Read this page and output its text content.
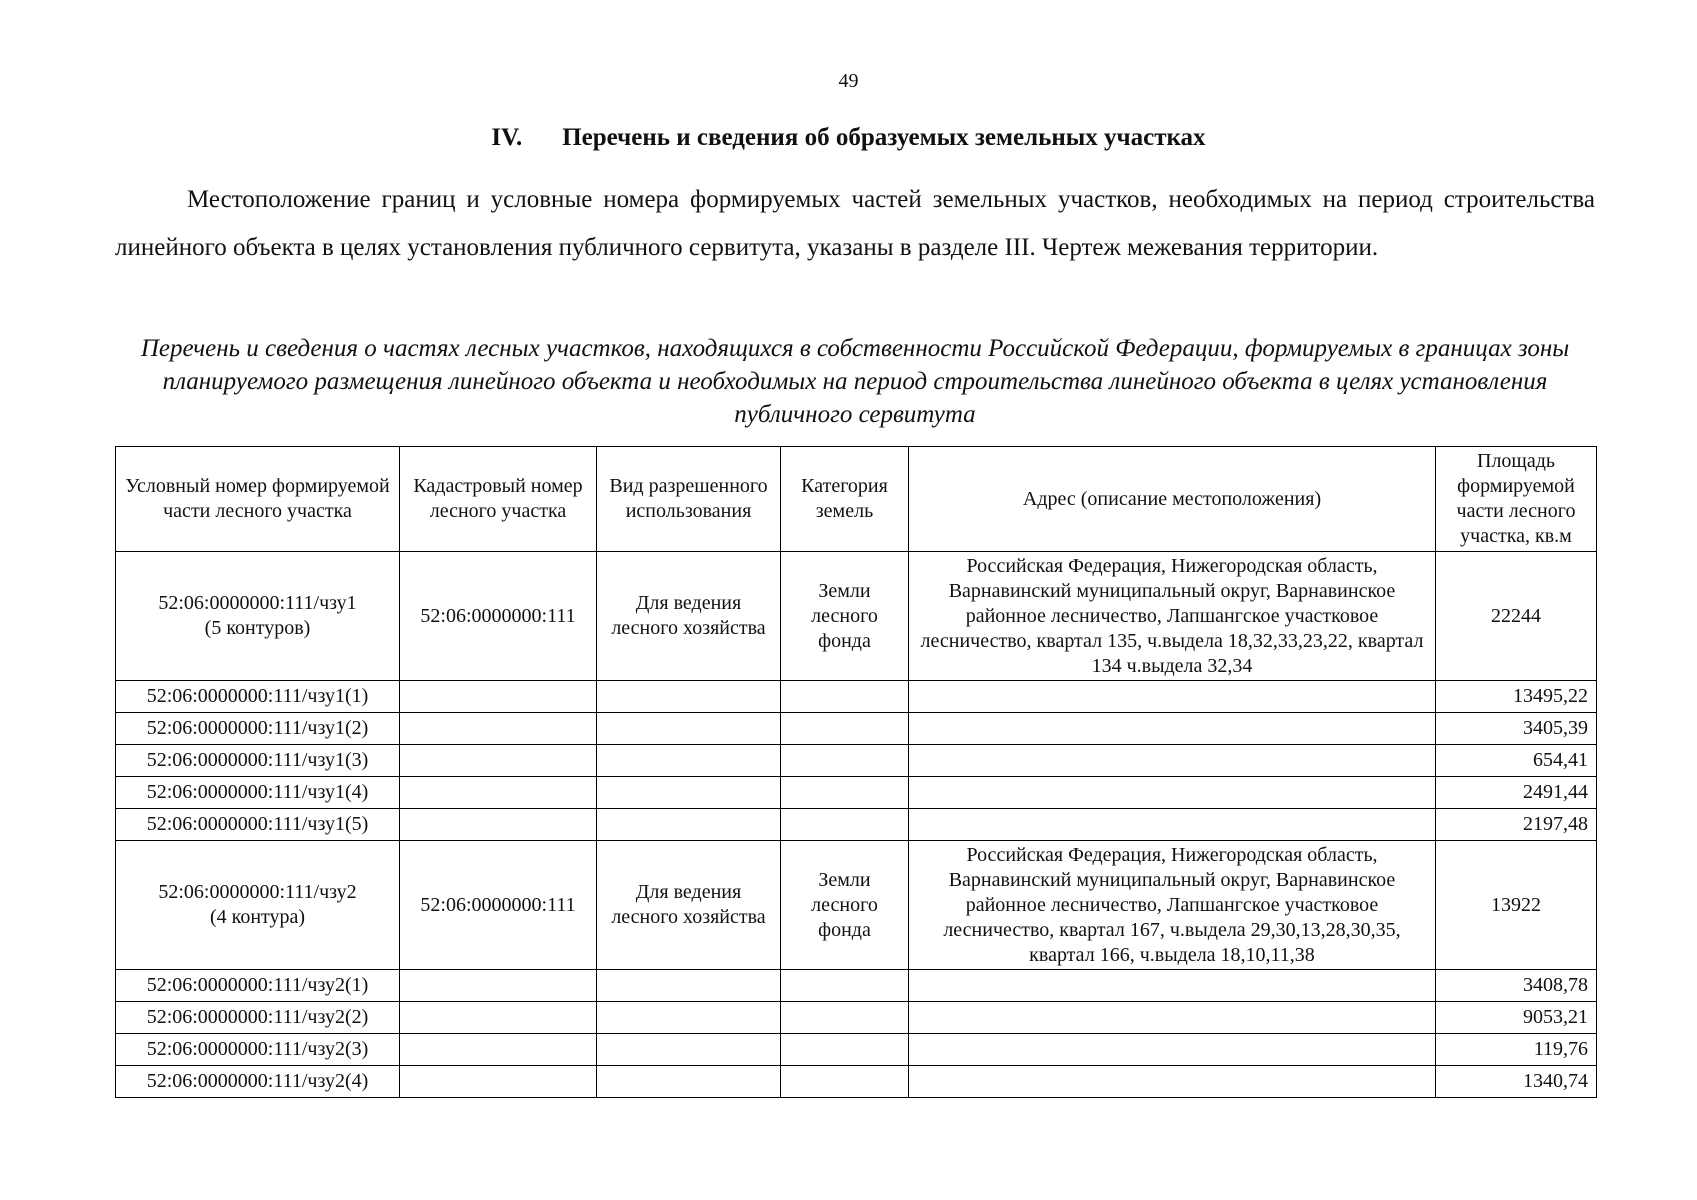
49
IV. Перечень и сведения об образуемых земельных участках
Местоположение границ и условные номера формируемых частей земельных участков, необходимых на период строительства линейного объекта в целях установления публичного сервитута, указаны в разделе III. Чертеж межевания территории.
Перечень и сведения о частях лесных участков, находящихся в собственности Российской Федерации, формируемых в границах зоны планируемого размещения линейного объекта и необходимых на период строительства линейного объекта в целях установления публичного сервитута
Условный номер формируемой части лесного участка	Кадастровый номер лесного участка	Вид разрешенного использования	Категория земель	Адрес (описание местоположения)	Площадь формируемой части лесного участка, кв.м

52:06:0000000:111/чзу1
(5 контуров)	52:06:0000000:111	Для ведения лесного хозяйства	Земли лесного фонда	Российская Федерация, Нижегородская область, Варнавинский муниципальный округ, Варнавинское районное лесничество, Лапшангское участковое лесничество, квартал 135, ч.выдела 18,32,33,23,22, квартал 134 ч.выдела 32,34	22244
52:06:0000000:111/чзу1(1)					13495,22
52:06:0000000:111/чзу1(2)					3405,39
52:06:0000000:111/чзу1(3)					654,41
52:06:0000000:111/чзу1(4)					2491,44
52:06:0000000:111/чзу1(5)					2197,48

52:06:0000000:111/чзу2
(4 контура)	52:06:0000000:111	Для ведения лесного хозяйства	Земли лесного фонда	Российская Федерация, Нижегородская область, Варнавинский муниципальный округ, Варнавинское районное лесничество, Лапшангское участковое лесничество, квартал 167, ч.выдела 29,30,13,28,30,35, квартал 166, ч.выдела 18,10,11,38	13922
52:06:0000000:111/чзу2(1)					3408,78
52:06:0000000:111/чзу2(2)					9053,21
52:06:0000000:111/чзу2(3)					119,76
52:06:0000000:111/чзу2(4)					1340,74
